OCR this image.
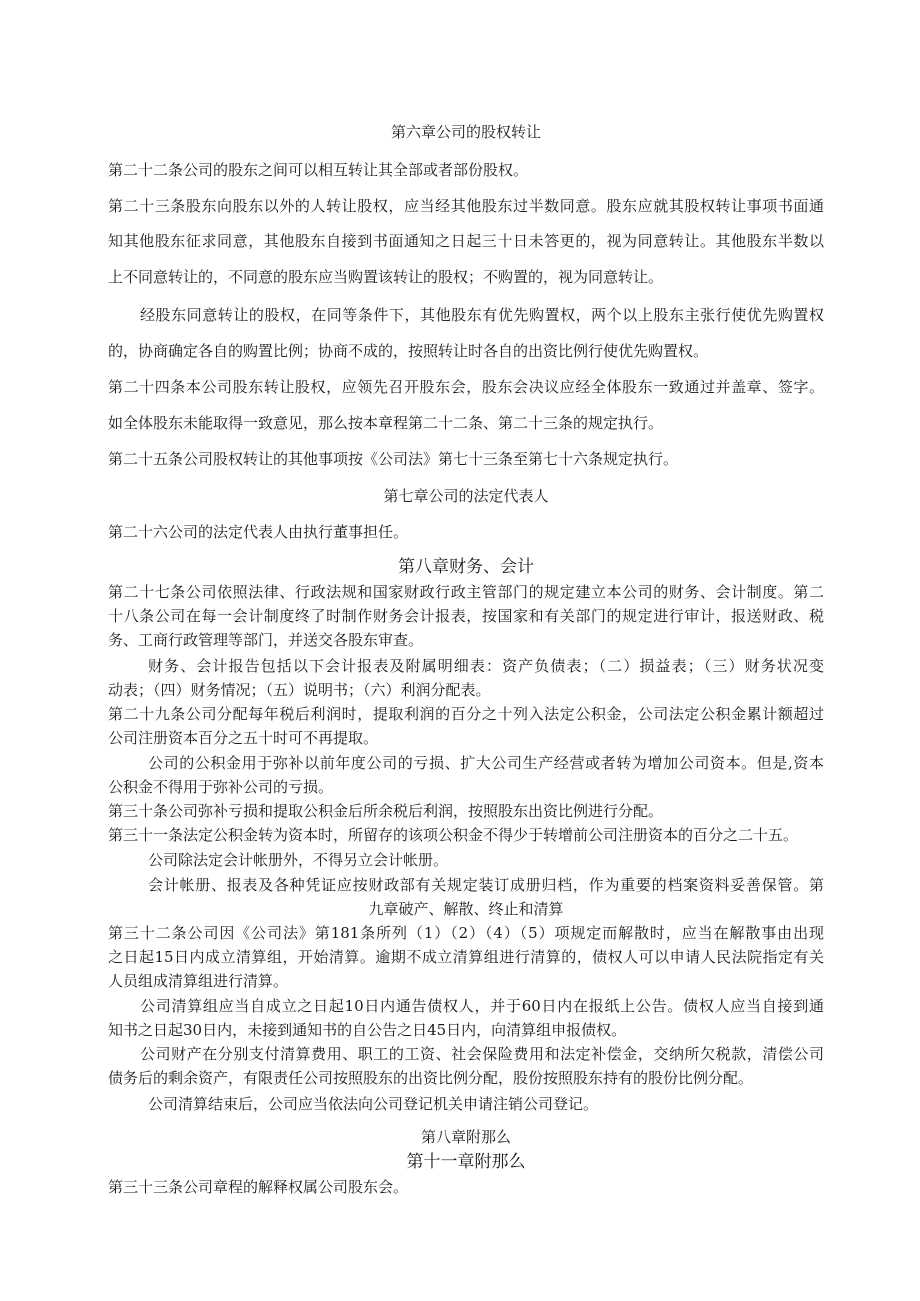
第六章公司的股权转让
第二十二条公司的股东之间可以相互转让其全部或者部份股权。
第二十三条股东向股东以外的人转让股权，应当经其他股东过半数同意。股东应就其股权转让事项书面通
知其他股东征求同意，其他股东自接到书面通知之日起三十日未答更的，视为同意转让。其他股东半数以
上不同意转让的，不同意的股东应当购置该转让的股权；不购置的，视为同意转让。
经股东同意转让的股权，在同等条件下，其他股东有优先购置权，两个以上股东主张行使优先购置权
的，协商确定各自的购置比例；协商不成的，按照转让时各自的出资比例行使优先购置权。
第二十四条本公司股东转让股权，应领先召开股东会，股东会决议应经全体股东一致通过并盖章、签字。
如全体股东未能取得一致意见，那么按本章程第二十二条、第二十三条的规定执行。
第二十五条公司股权转让的其他事项按《公司法》第七十三条至第七十六条规定执行。
第七章公司的法定代表人
第二十六公司的法定代表人由执行董事担任。
第八章财务、会计
第二十七条公司依照法律、行政法规和国家财政行政主管部门的规定建立本公司的财务、会计制度。第二
十八条公司在每一会计制度终了时制作财务会计报表，按国家和有关部门的规定进行审计，报送财政、税
务、工商行政管理等部门，并送交各股东审查。
财务、会计报告包括以下会计报表及附属明细表：资产负债表；（二）损益表；（三）财务状况变
动表；（四）财务情况；（五）说明书；（六）利润分配表。
第二十九条公司分配每年税后利润时，提取利润的百分之十列入法定公积金，公司法定公积金累计额超过
公司注册资本百分之五十时可不再提取。
公司的公积金用于弥补以前年度公司的亏损、扩大公司生产经营或者转为增加公司资本。但是,资本
公积金不得用于弥补公司的亏损。
第三十条公司弥补亏损和提取公积金后所余税后利润，按照股东出资比例进行分配。
第三十一条法定公积金转为资本时，所留存的该项公积金不得少于转增前公司注册资本的百分之二十五。
公司除法定会计帐册外，不得另立会计帐册。
会计帐册、报表及各种凭证应按财政部有关规定装订成册归档，作为重要的档案资料妥善保管。第
九章破产、解散、终止和清算
第三十二条公司因《公司法》第181条所列（1）（2）（4）（5）项规定而解散时，应当在解散事由出现
之日起15日内成立清算组，开始清算。逾期不成立清算组进行清算的，债权人可以申请人民法院指定有关
人员组成清算组进行清算。
公司清算组应当自成立之日起10日内通告债权人，并于60日内在报纸上公告。债权人应当自接到通
知书之日起30日内，未接到通知书的自公告之日45日内，向清算组申报债权。
公司财产在分别支付清算费用、职工的工资、社会保险费用和法定补偿金，交纳所欠税款，清偿公司
债务后的剩余资产，有限责任公司按照股东的出资比例分配，股份按照股东持有的股份比例分配。
公司清算结束后，公司应当依法向公司登记机关申请注销公司登记。
第八章附那么
第十一章附那么
第三十三条公司章程的解释权属公司股东会。
